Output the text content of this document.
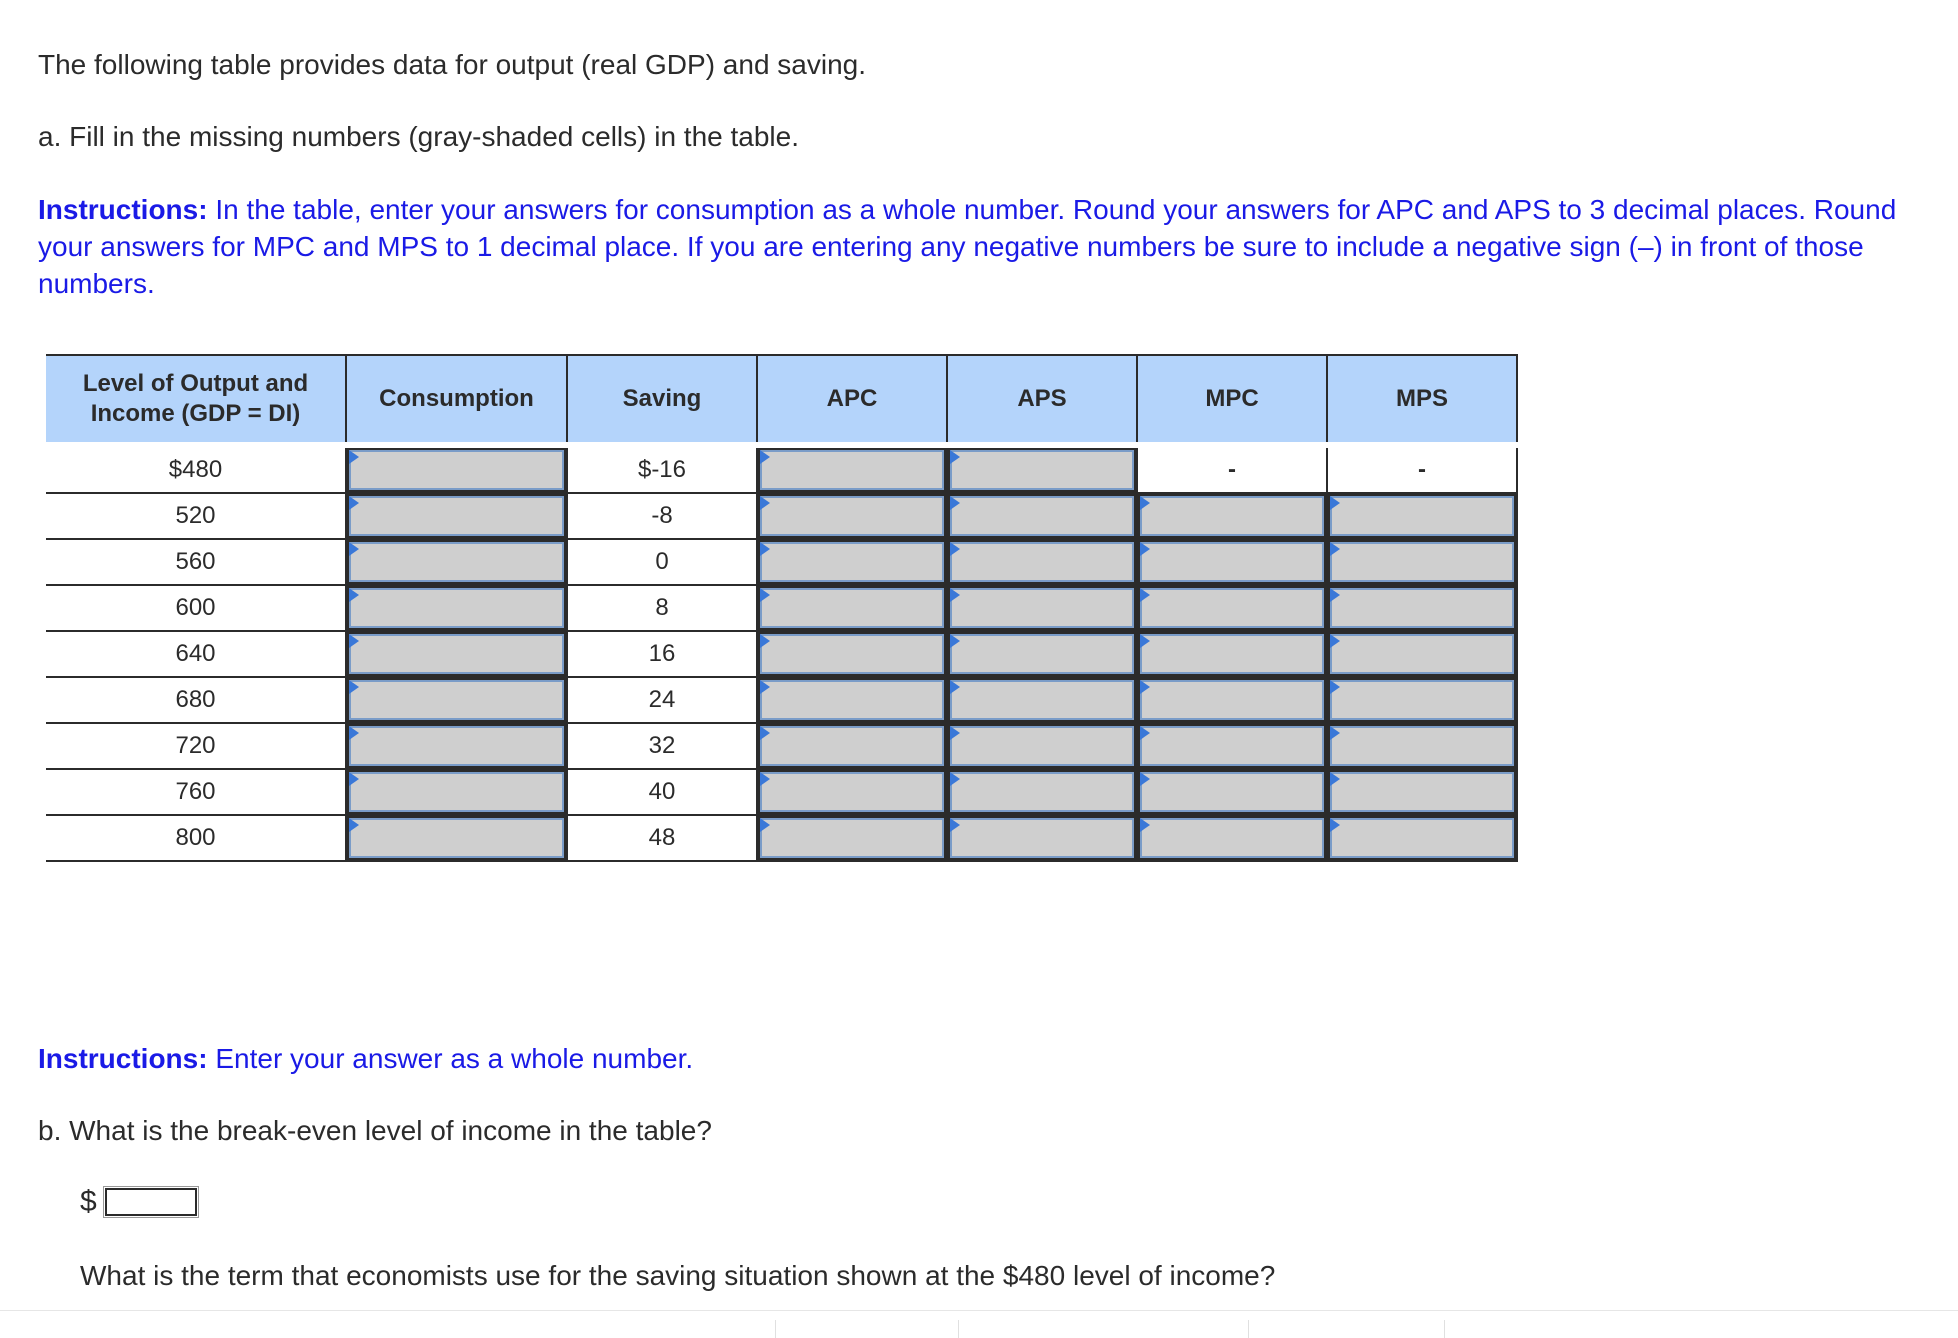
The following table provides data for output (real GDP) and saving.

a. Fill in the missing numbers (gray-shaded cells) in the table.

Instructions: In the table, enter your answers for consumption as a whole number. Round your answers for APC and APS to 3 decimal places. Round your answers for MPC and MPS to 1 decimal place. If you are entering any negative numbers be sure to include a negative sign (–) in front of those numbers.

Level of Output and Income (GDP = DI)	Consumption	Saving	APC	APS	MPC	MPS
$480		$-16			-	-
520		-8	

560		0	

600		8	

640		16	

680		24	

720		32	

760		40	

800		48	

Instructions: Enter your answer as a whole number.

b. What is the break-even level of income in the table?

$

What is the term that economists use for the saving situation shown at the $480 level of income?
